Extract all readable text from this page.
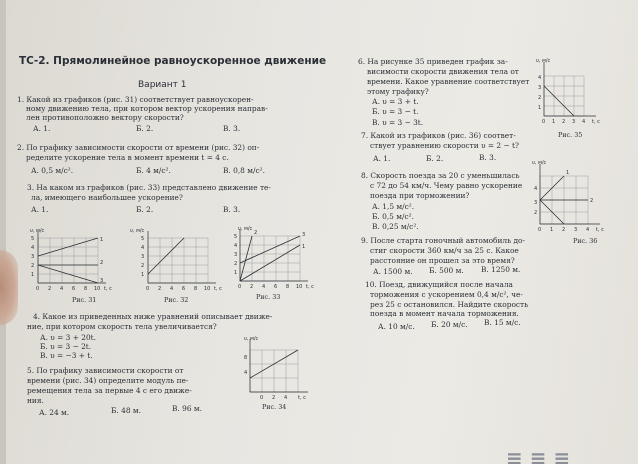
ТС-2. Прямолинейное равноускоренное движение
Вариант 1
1. Какой из графиков (рис. 31) соответствует равноускорен-
ному движению тела, при котором вектор ускорения направ-
лен противоположно вектору скорости?
А. 1.	Б. 2.	В. 3.
2. По графику зависимости скорости от времени (рис. 32) оп-
ределите ускорение тела в момент времени t = 4 с.
А. 0,5 м/с².	Б. 4 м/с².	В. 0,8 м/с².
3. На каком из графиков (рис. 33) представлено движение те-
ла, имеющего наибольшее ускорение?
А. 1.	Б. 2.	В. 3.
υ, м/с
5
4
3
2
1
0 2 4 6 8 10 t, с
1
2
3
Рис. 31
υ, м/с
5
4
3
2
1
0 2 4 6 8 10 t, с
Рис. 32
υ, м/с
5
4
3
2
1
0 2 4 6 8 10 t, с
1
2	3
Рис. 33
4. Какое из приведенных ниже уравнений описывает движе-
ние, при котором скорость тела увеличивается?
А. υ = 3 + 20t.
Б. υ = 3 − 2t.
В. υ = −3 + t.
5. По графику зависимости скорости от
времени (рис. 34) определите модуль пе-
ремещения тела за первые 4 с его движе-
ния.
А. 24 м.	Б. 48 м.	В. 96 м.
υ, м/с
8
4
0 2 4 t, с
Рис. 34
6. На рисунке 35 приведен график за-
висимости скорости движения тела от
времени. Какое уравнение соответствует
этому графику?
А. υ = 3 + t.
Б. υ = 3 − t.
В. υ = 3 − 3t.
υ, м/с
4
3
2
1
0 1 2 3 4 t, с
Рис. 35
7. Какой из графиков (рис. 36) соответ-
ствует уравнению скорости υ = 2 − t?
А. 1.	Б. 2.	В. 3.
υ, м/с
4
2
0 1 2 3 4 t, с
1
2
3
Рис. 36
8. Скорость поезда за 20 с уменьшилась
с 72 до 54 км/ч. Чему равно ускорение
поезда при торможении?
А. 1,5 м/с².
Б. 0,5 м/с².
В. 0,25 м/с².
9. После старта гоночный автомобиль до-
стиг скорости 360 км/ч за 25 с. Какое
расстояние он прошел за это время?
А. 1500 м. Б. 500 м. В. 1250 м.
10. Поезд, движущийся после начала
торможения с ускорением 0,4 м/с², че-
рез 25 с остановился. Найдите скорость
поезда в момент начала торможения.
А. 10 м/с. Б. 20 м/с. В. 15 м/с.
≡ ≡ ≡
